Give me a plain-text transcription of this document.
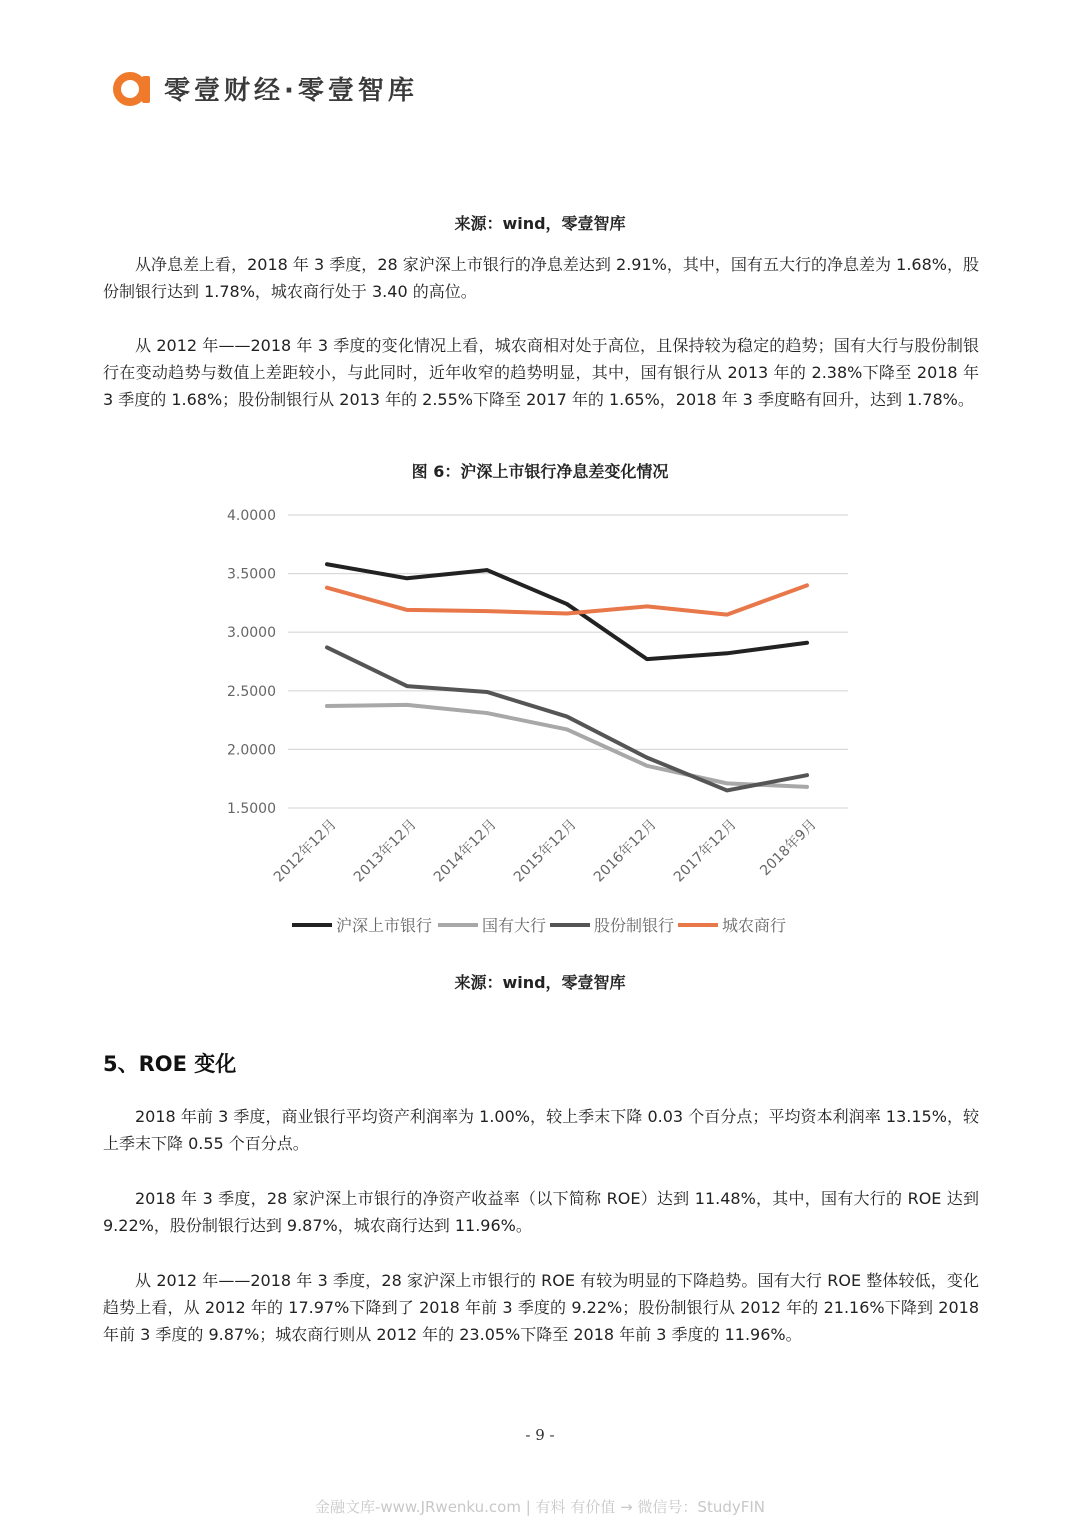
零壹财经·零壹智库
来源：wind，零壹智库

从净息差上看，2018 年 3 季度，28 家沪深上市银行的净息差达到 2.91%，其中，国有五大行的净息差为 1.68%，股份制银行达到 1.78%，城农商行处于 3.40 的高位。

从 2012 年——2018 年 3 季度的变化情况上看，城农商相对处于高位，且保持较为稳定的趋势；国有大行与股份制银行在变动趋势与数值上差距较小，与此同时，近年收窄的趋势明显，其中，国有银行从 2013 年的 2.38%下降至 2018 年 3 季度的 1.68%；股份制银行从 2013 年的 2.55%下降至 2017 年的 1.65%，2018 年 3 季度略有回升，达到 1.78%。

图 6：沪深上市银行净息差变化情况
4.0000
3.5000
3.0000
2.5000
2.0000
1.5000
2012年12月 2013年12月 2014年12月 2015年12月 2016年12月 2017年12月 2018年9月
沪深上市银行	国有大行	股份制银行	城农商行
来源：wind，零壹智库
5、ROE 变化

2018 年前 3 季度，商业银行平均资产利润率为 1.00%，较上季末下降 0.03 个百分点；平均资本利润率 13.15%，较上季末下降 0.55 个百分点。

2018 年 3 季度，28 家沪深上市银行的净资产收益率（以下简称 ROE）达到 11.48%，其中，国有大行的 ROE 达到 9.22%，股份制银行达到 9.87%，城农商行达到 11.96%。

从 2012 年——2018 年 3 季度，28 家沪深上市银行的 ROE 有较为明显的下降趋势。国有大行 ROE 整体较低，变化趋势上看，从 2012 年的 17.97%下降到了 2018 年前 3 季度的 9.22%；股份制银行从 2012 年的 21.16%下降到 2018 年前 3 季度的 9.87%；城农商行则从 2012 年的 23.05%下降至 2018 年前 3 季度的 11.96%。

- 9 -
金融文库-www.JRwenku.com | 有料 有价值 → 微信号：StudyFIN
